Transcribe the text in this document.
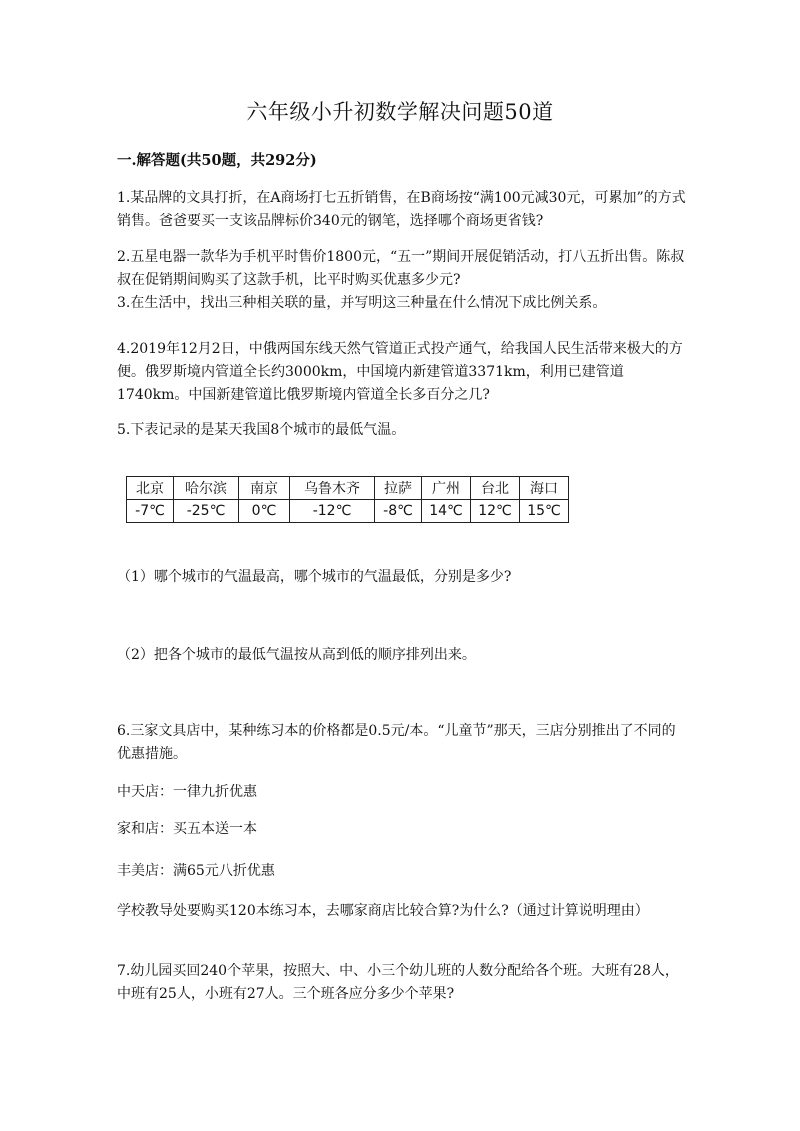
六年级小升初数学解决问题50道
一.解答题(共50题，共292分)
1.某品牌的文具打折，在A商场打七五折销售，在B商场按“满100元减30元，可累加”的方式销售。爸爸要买一支该品牌标价340元的钢笔，选择哪个商场更省钱?
2.五星电器一款华为手机平时售价1800元，“五一”期间开展促销活动，打八五折出售。陈叔叔在促销期间购买了这款手机，比平时购买优惠多少元?
3.在生活中，找出三种相关联的量，并写明这三种量在什么情况下成比例关系。
4.2019年12月2日，中俄两国东线天然气管道正式投产通气，给我国人民生活带来极大的方便。俄罗斯境内管道全长约3000km，中国境内新建管道3371km，利用已建管道1740km。中国新建管道比俄罗斯境内管道全长多百分之几?
5.下表记录的是某天我国8个城市的最低气温。
北京	哈尔滨	南京	乌鲁木齐	拉萨	广州	台北	海口
-7℃	-25℃	0℃	-12℃	-8℃	14℃	12℃	15℃
（1）哪个城市的气温最高，哪个城市的气温最低，分别是多少?
（2）把各个城市的最低气温按从高到低的顺序排列出来。
6.三家文具店中，某种练习本的价格都是0.5元/本。“儿童节”那天，三店分别推出了不同的优惠措施。
中天店：一律九折优惠
家和店：买五本送一本
丰美店：满65元八折优惠
学校教导处要购买120本练习本，去哪家商店比较合算?为什么?（通过计算说明理由）
7.幼儿园买回240个苹果，按照大、中、小三个幼儿班的人数分配给各个班。大班有28人，中班有25人，小班有27人。三个班各应分多少个苹果?
